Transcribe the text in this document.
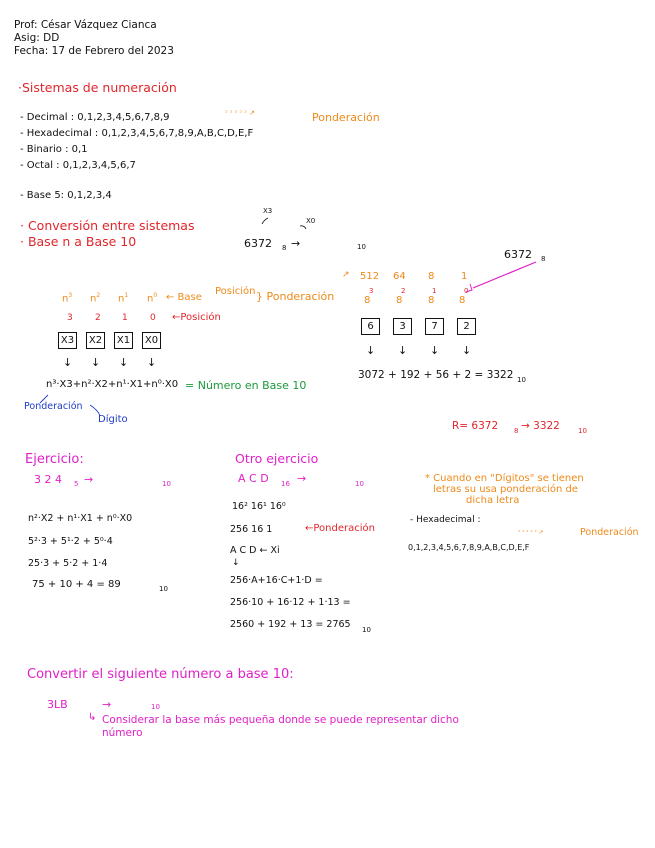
Prof: César Vázquez Cianca
Asig: DD
Fecha: 17 de Febrero del 2023
·Sistemas de numeración
- Decimal : 0,1,2,3,4,5,6,7,8,9
- Hexadecimal : 0,1,2,3,4,5,6,7,8,9,A,B,C,D,E,F
- Binario : 0,1
- Octal : 0,1,2,3,4,5,6,7
- Base 5: 0,1,2,3,4
ᵓ ᵓ ᵓ ᵓ ᵓ ↗	Ponderación
· Conversión entre sistemas
· Base n a Base 10
X3
X0
6372 8 →	10
$n^3$ $n^2$ $n^1$ $n^0$ ← Base
Posición } Ponderación
3 2 1 0 ←Posición
X3 X2 X1 X0
↓ ↓ ↓ ↓
n³·X3+n²·X2+n¹·X1+n⁰·X0 = Número en Base 10
Ponderación
Dígito
6372 8
↗ 512 64 8	1
3	2	1	0
8	8	8 8
6	3	7	2
↓ ↓ ↓ ↓
3072 + 192 + 56 + 2 = 3322 10
R= 6372 8 → 3322	10
Ejercicio:
3 2 4 5 →	10
n²·X2 + n¹·X1 + n⁰·X0
5²·3 + 5¹·2 + 5⁰·4
25·3 + 5·2 + 1·4
75 + 10 + 4 = 89	10
Otro ejercicio
A C D 16 →	10
16² 16¹ 16⁰
256 16 1	←Ponderación
A C D ← Xi
↓
256·A+16·C+1·D =
256·10 + 16·12 + 1·13 =
2560 + 192 + 13 = 2765 10
* Cuando en "Dígitos" se tienen
letras su usa ponderación de
dicha letra
- Hexadecimal :
0,1,2,3,4,5,6,7,8,9,A,B,C,D,E,F
ᵓ ᵓ ᵓ ᵓ ᵓ ↗	Ponderación
Convertir el siguiente número a base 10:
3LB	→	10
↳ Considerar la base más pequeña donde se puede representar dicho
número
